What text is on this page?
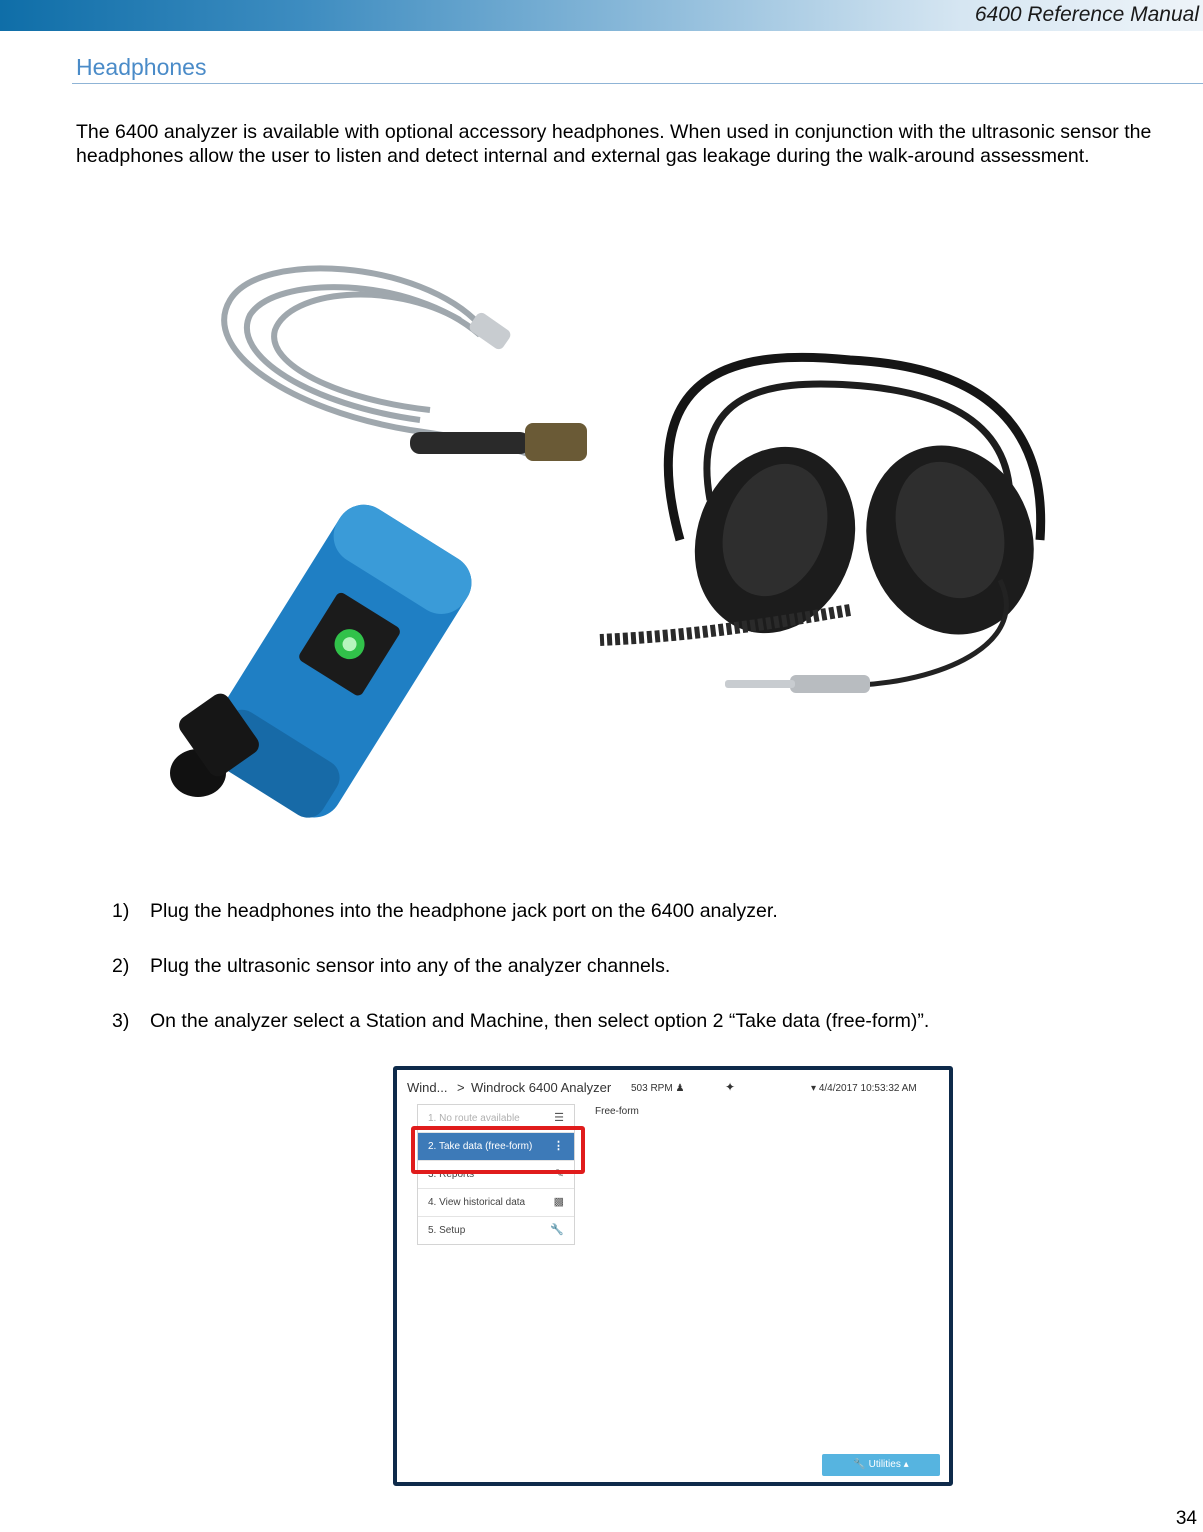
6400 Reference Manual
Headphones

The 6400 analyzer is available with optional accessory headphones. When used in conjunction with the ultrasonic sensor the headphones allow the user to listen and detect internal and external gas leakage during the walk-around assessment.

1) Plug the headphones into the headphone jack port on the 6400 analyzer.
2) Plug the ultrasonic sensor into any of the analyzer channels.
3) On the analyzer select a Station and Machine, then select option 2 “Take data (free-form)”.
Wind... > Windrock 6400 Analyzer 503 RPM ♟	✦	▾ 4/4/2017 10:53:32 AM
1. No route available	☰
2. Take data (free-form) ⋮
3. Reports	✎
4. View historical data	▩
5. Setup	🔧
Free-form
🔧 Utilities ▴
34
